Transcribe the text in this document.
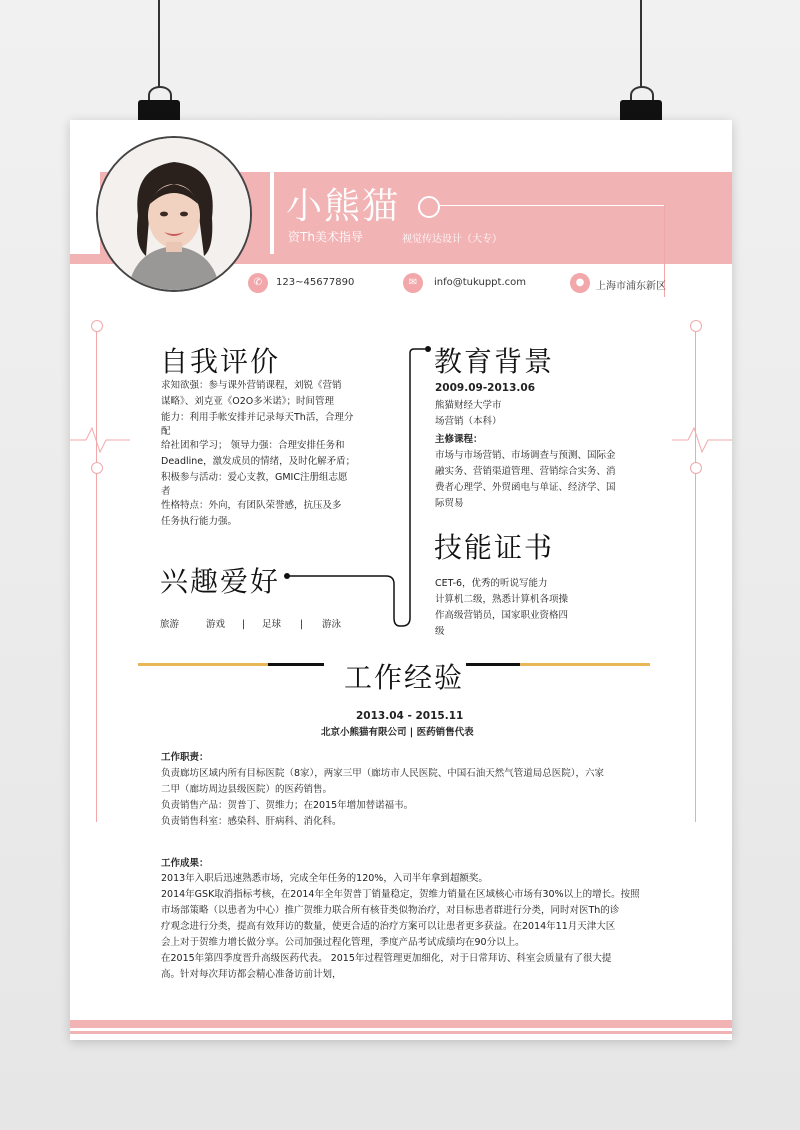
小熊猫
资Th美术指导	视觉传达设计（大专）
✆	123~45677890	✉	info@tukuppt.com	●	上海市浦东新区
自我评价
求知欲强：参与课外营销课程，刘锐《营销
谋略》、刘克亚《O2O多米诺》；时间管理
能力：利用手帐安排并记录每天Th活，合理分
配
给社团和学习； 领导力强：合理安排任务和
Deadline，激发成员的情绪，及时化解矛盾；
积极参与活动：爱心支教，GMIC注册组志愿
者
性格特点：外向，有团队荣誉感，抗压及多
任务执行能力强。
兴趣爱好
旅游	游戏 | 足球 | 游泳
教育背景
2009.09-2013.06
熊猫财经大学市
场营销（本科）
主修课程：
市场与市场营销、市场调查与预测、国际金
融实务、营销渠道管理、营销综合实务、消
费者心理学、外贸函电与单证、经济学、国
际贸易
技能证书
CET-6，优秀的听说写能力
计算机二级，熟悉计算机各项操
作高级营销员，国家职业资格四
级
工作经验
2013.04 - 2015.11
北京小熊猫有限公司 | 医药销售代表
工作职责：
负责廊坊区域内所有目标医院（8家），两家三甲（廊坊市人民医院、中国石油天然气管道局总医院），六家
二甲（廊坊周边县级医院）的医药销售。
负责销售产品：贺普丁、贺维力；在2015年增加替诺福韦。
负责销售科室：感染科、肝病科、消化科。
工作成果：
2013年入职后迅速熟悉市场，完成全年任务的120%，入司半年拿到超额奖。
2014年GSK取消指标考核，在2014年全年贺普丁销量稳定，贺维力销量在区域核心市场有30%以上的增长。按照
市场部策略（以患者为中心）推广贺维力联合所有核苷类似物治疗，对目标患者群进行分类，同时对医Th的诊
疗观念进行分类，提高有效拜访的数量，使更合适的治疗方案可以让患者更多获益。在2014年11月天津大区
会上对于贺维力增长做分享。公司加强过程化管理，季度产品考试成绩均在90分以上。
在2015年第四季度晋升高级医药代表。 2015年过程管理更加细化，对于日常拜访、科室会质量有了很大提
高。针对每次拜访都会精心准备访前计划，
